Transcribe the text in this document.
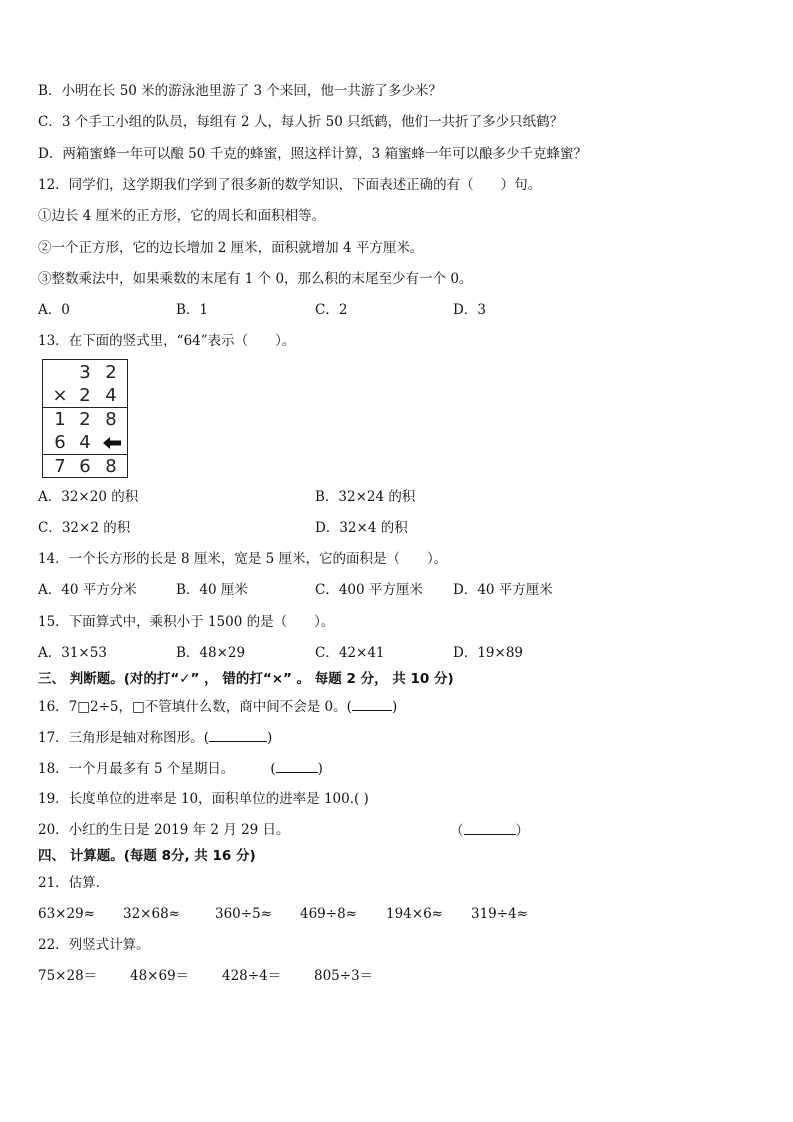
B．小明在长 50 米的游泳池里游了 3 个来回，他一共游了多少米？
C．3 个手工小组的队员，每组有 2 人，每人折 50 只纸鹤，他们一共折了多少只纸鹤？
D．两箱蜜蜂一年可以酿 50 千克的蜂蜜，照这样计算，3 箱蜜蜂一年可以酿多少千克蜂蜜？
12．同学们，这学期我们学到了很多新的数学知识，下面表述正确的有（　　）句。
①边长 4 厘米的正方形，它的周长和面积相等。
②一个正方形，它的边长增加 2 厘米，面积就增加 4 平方厘米。
③整数乘法中，如果乘数的末尾有 1 个 0，那么积的末尾至少有一个 0。
A．0	B．1	C．2	D．3
13．在下面的竖式里，“64”表示（　　）。
3 2
× 2 4
1 2 8
6 4
7 6 8
A．32×20 的积	B．32×24 的积
C．32×2 的积	D．32×4 的积
14．一个长方形的长是 8 厘米，宽是 5 厘米，它的面积是（　　）。
A．40 平方分米	B．40 厘米	C．400 平方厘米 D．40 平方厘米
15．下面算式中，乘积小于 1500 的是（　　）。
A．31×53	B．48×29	C．42×41	D．19×89
三、 判断题。(对的打“✓” ， 错的打“×” 。 每题 2 分， 共 10 分)
16．7□2÷5，□不管填什么数，商中间不会是 0。(	)
17．三角形是轴对称图形。(	)
18．一个月最多有 5 个星期日。	(	)
19．长度单位的进率是 10，面积单位的进率是 100.( )
20．小红的生日是 2019 年 2 月 29 日。	（	）
四、 计算题。(每题 8分, 共 16 分)
21．估算．
63×29≈ 32×68≈	360÷5≈ 469÷8≈ 194×6≈ 319÷4≈
22．列竖式计算。
75×28＝ 48×69＝ 428÷4＝ 805÷3＝
